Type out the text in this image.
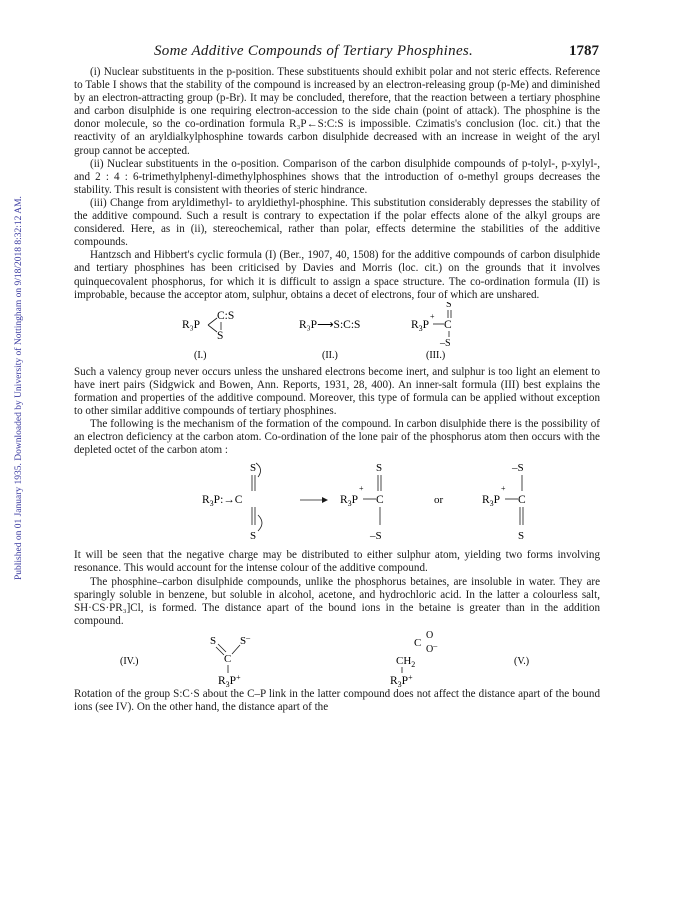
Published on 01 January 1935. Downloaded by University of Nottingham on 9/18/2018 8:32:12 AM.
Some Additive Compounds of Tertiary Phosphines.	1787

(i) Nuclear substituents in the p-position. These substituents should exhibit polar and not steric effects. Reference to Table I shows that the stability of the compound is increased by an electron-releasing group (p-Me) and diminished by an electron-attracting group (p-Br). It may be concluded, therefore, that the reaction between a tertiary phosphine and carbon disulphide is one requiring electron-accession to the side chain (point of attack). The phosphine is the donor molecule, so the co-ordination formula R₃P←S:C:S is impossible. Czimatis's conclusion (loc. cit.) that the reactivity of an aryldialkylphosphine towards carbon disulphide decreased with an increase in weight of the aryl group cannot be accepted.

(ii) Nuclear substituents in the o-position. Comparison of the carbon disulphide compounds of p-tolyl-, p-xylyl-, and 2 : 4 : 6-trimethylphenyl-dimethylphosphines shows that the introduction of o-methyl groups decreases the stability. This result is consistent with theories of steric hindrance.

(iii) Change from aryldimethyl- to aryldiethyl-phosphine. This substitution considerably depresses the stability of the additive compound. Such a result is contrary to expectation if the polar effects alone of the alkyl groups are considered. Here, as in (ii), stereochemical, rather than polar, effects determine the stabilities of the additive compounds.

Hantzsch and Hibbert's cyclic formula (I) (Ber., 1907, 40, 1508) for the additive compounds of carbon disulphide and tertiary phosphines has been criticised by Davies and Morris (loc. cit.) on the grounds that it involves quinquecovalent phosphorus, for which it is difficult to assign a space structure. The co-ordination formula (II) is improbable, because the acceptor atom, sulphur, obtains a decet of electrons, four of which are unshared.

R₃P
C:S
S
(I.)
R₃P⟶S:C:S
(II.)
$R_3P$
+
C
S
–S
(III.)

Such a valency group never occurs unless the unshared electrons become inert, and sulphur is too light an element to have inert pairs (Sidgwick and Bowen, Ann. Reports, 1931, 28, 400). An inner-salt formula (III) best explains the formation and properties of the additive compound. Moreover, this type of formula can be applied without exception to other similar additive compounds of tertiary phosphines.

The following is the mechanism of the formation of the compound. In carbon disulphide there is the possibility of an electron deficiency at the carbon atom. Co-ordination of the lone pair of the phosphorus atom then occurs with the depleted octet of the carbon atom :

$R_3P:\to C$
S
S
$R_3P$
+
C
S
–S
or	$R_3P$
+
C
–S
S

It will be seen that the negative charge may be distributed to either sulphur atom, yielding two forms involving resonance. This would account for the intense colour of the additive compound.

The phosphine–carbon disulphide compounds, unlike the phosphorus betaines, are insoluble in water. They are sparingly soluble in benzene, but soluble in alcohol, acetone, and hydrochloric acid. In the latter a colourless salt, SH·CS·PR₃]Cl, is formed. The distance apart of the bound ions in the betaine is greater than in the addition compound.

(IV.)
S
C
S–
$R_3P^+$
C
O
O–
$CH_2$
$R_3P^+$
(V.)

Rotation of the group S:C·S about the C–P link in the latter compound does not affect the distance apart of the bound ions (see IV). On the other hand, the distance apart of the
